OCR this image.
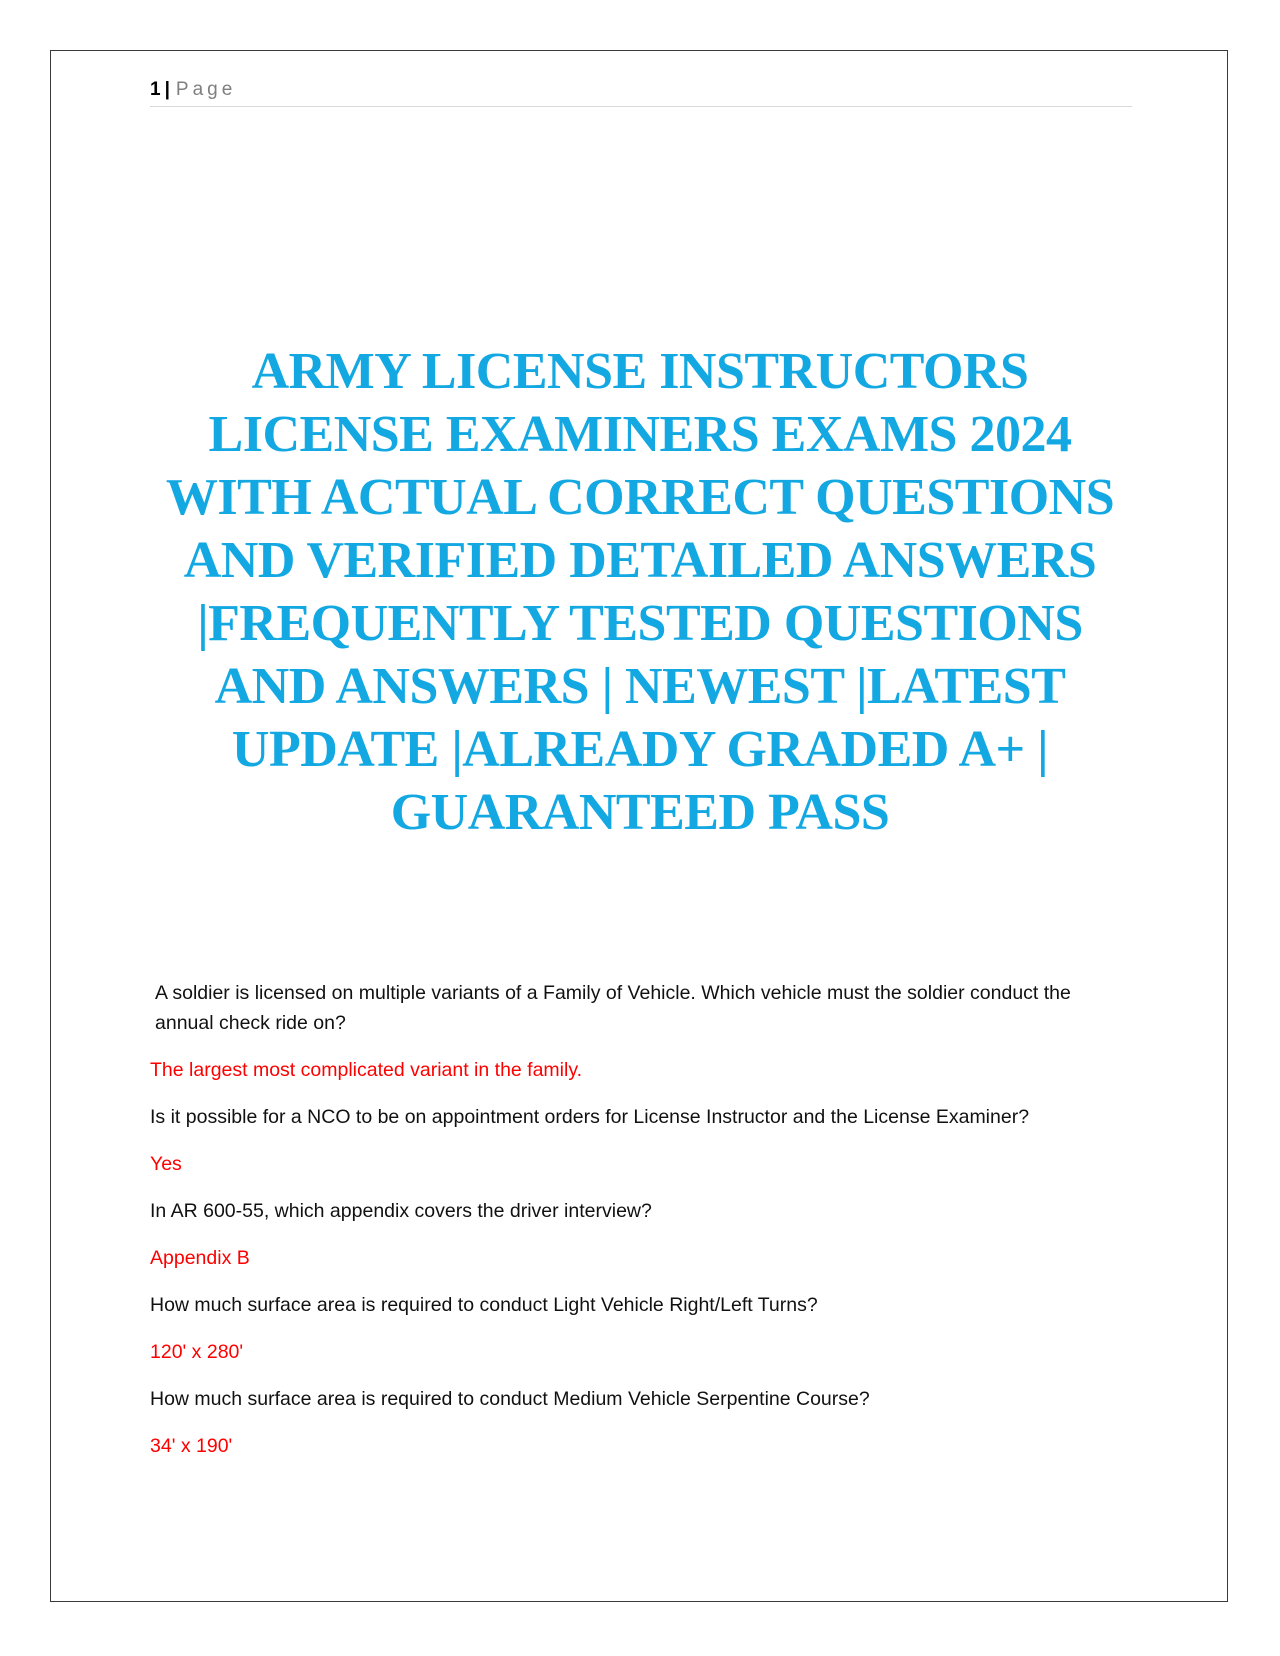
1 | Page
ARMY LICENSE INSTRUCTORS
LICENSE EXAMINERS EXAMS 2024
WITH ACTUAL CORRECT QUESTIONS
AND VERIFIED DETAILED ANSWERS
|FREQUENTLY TESTED QUESTIONS
AND ANSWERS | NEWEST |LATEST
UPDATE |ALREADY GRADED A+ |
GUARANTEED PASS

A soldier is licensed on multiple variants of a Family of Vehicle. Which vehicle must the soldier conduct the annual check ride on?

The largest most complicated variant in the family.

Is it possible for a NCO to be on appointment orders for License Instructor and the License Examiner?

Yes

In AR 600-55, which appendix covers the driver interview?

Appendix B

How much surface area is required to conduct Light Vehicle Right/Left Turns?

120' x 280'

How much surface area is required to conduct Medium Vehicle Serpentine Course?

34' x 190'
